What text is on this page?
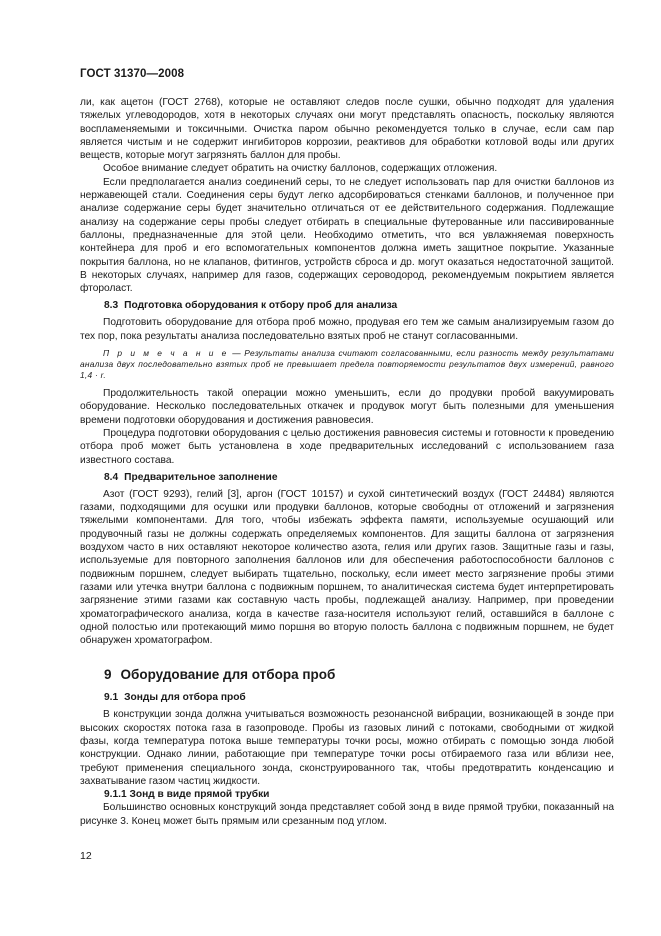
ГОСТ 31370—2008

ли, как ацетон (ГОСТ 2768), которые не оставляют следов после сушки, обычно подходят для удаления тяжелых углеводородов, хотя в некоторых случаях они могут представлять опасность, поскольку являются воспламеняемыми и токсичными. Очистка паром обычно рекомендуется только в случае, если сам пар является чистым и не содержит ингибиторов коррозии, реактивов для обработки котловой воды или других веществ, которые могут загрязнять баллон для пробы.

Особое внимание следует обратить на очистку баллонов, содержащих отложения.

Если предполагается анализ соединений серы, то не следует использовать пар для очистки баллонов из нержавеющей стали. Соединения серы будут легко адсорбироваться стенками баллонов, и полученное при анализе содержание серы будет значительно отличаться от ее действительного содержания. Подлежащие анализу на содержание серы пробы следует отбирать в специальные футерованные или пассивированные баллоны, предназначенные для этой цели. Необходимо отметить, что вся увлажняемая поверхность контейнера для проб и его вспомогательных компонентов должна иметь защитное покрытие. Указанные покрытия баллона, но не клапанов, фитингов, устройств сброса и др. могут оказаться недостаточной защитой. В некоторых случаях, например для газов, содержащих сероводород, рекомендуемым покрытием является фтороласт.

8.3 Подготовка оборудования к отбору проб для анализа

Подготовить оборудование для отбора проб можно, продувая его тем же самым анализируемым газом до тех пор, пока результаты анализа последовательно взятых проб не станут согласованными.

П р и м е ч а н и е — Результаты анализа считают согласованными, если разность между результатами анализа двух последовательно взятых проб не превышает предела повторяемости результатов двух измерений, равного 1,4 · r.

Продолжительность такой операции можно уменьшить, если до продувки пробой вакуумировать оборудование. Несколько последовательных откачек и продувок могут быть полезными для уменьшения времени подготовки оборудования и достижения равновесия.

Процедура подготовки оборудования с целью достижения равновесия системы и готовности к проведению отбора проб может быть установлена в ходе предварительных исследований с использованием газа известного состава.

8.4 Предварительное заполнение

Азот (ГОСТ 9293), гелий [3], аргон (ГОСТ 10157) и сухой синтетический воздух (ГОСТ 24484) являются газами, подходящими для осушки или продувки баллонов, которые свободны от отложений и загрязнения тяжелыми компонентами. Для того, чтобы избежать эффекта памяти, используемые осушающий или продувочный газы не должны содержать определяемых компонентов. Для защиты баллона от загрязнения воздухом часто в них оставляют некоторое количество азота, гелия или других газов. Защитные газы и газы, используемые для повторного заполнения баллонов или для обеспечения работоспособности баллонов с подвижным поршнем, следует выбирать тщательно, поскольку, если имеет место загрязнение пробы этими газами или утечка внутри баллона с подвижным поршнем, то аналитическая система будет интерпретировать загрязнение этими газами как составную часть пробы, подлежащей анализу. Например, при проведении хроматографического анализа, когда в качестве газа-носителя используют гелий, оставшийся в баллоне с одной полостью или протекающий мимо поршня во вторую полость баллона с подвижным поршнем, не будет обнаружен хроматографом.

9 Оборудование для отбора проб
9.1 Зонды для отбора проб

В конструкции зонда должна учитываться возможность резонансной вибрации, возникающей в зонде при высоких скоростях потока газа в газопроводе. Пробы из газовых линий с потоками, свободными от жидкой фазы, когда температура потока выше температуры точки росы, можно отбирать с помощью зонда любой конструкции. Однако линии, работающие при температуре точки росы отбираемого газа или вблизи нее, требуют применения специального зонда, сконструированного так, чтобы предотвратить конденсацию и захватывание газом частиц жидкости.

9.1.1 Зонд в виде прямой трубки

Большинство основных конструкций зонда представляет собой зонд в виде прямой трубки, показанный на рисунке 3. Конец может быть прямым или срезанным под углом.

12
